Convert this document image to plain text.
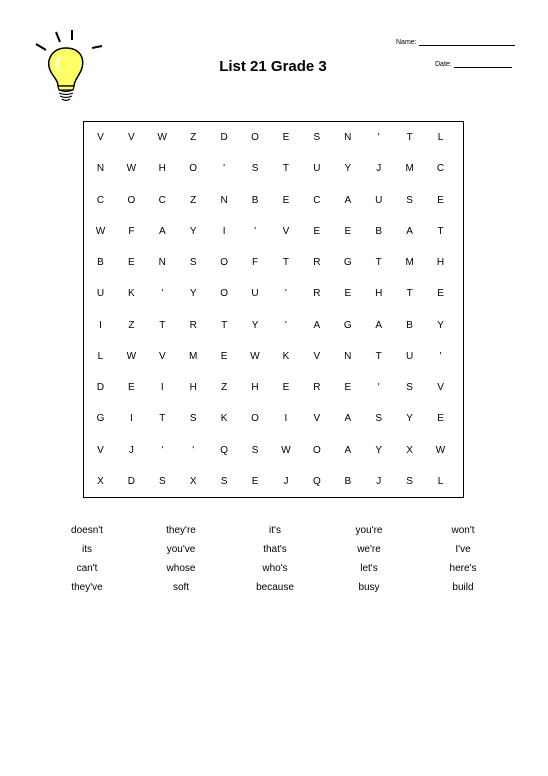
List 21 Grade 3
Name:
Date:
V	V	W	Z	D	O	E	S	N	'	T	L
N	W	H	O	'	S	T	U	Y	J	M	C
C	O	C	Z	N	B	E	C	A	U	S	E
W	F	A	Y	I	'	V	E	E	B	A	T
B	E	N	S	O	F	T	R	G	T	M	H
U	K	'	Y	O	U	'	R	E	H	T	E
I	Z	T	R	T	Y	'	A	G	A	B	Y
L	W	V	M	E	W	K	V	N	T	U	'
D	E	I	H	Z	H	E	R	E	'	S	V
G	I	T	S	K	O	I	V	A	S	Y	E
V	J	'	'	Q	S	W	O	A	Y	X	W
X	D	S	X	S	E	J	Q	B	J	S	L
doesn't	they're	it's	you're	won't
its	you've	that's	we're	I've
can't	whose	who's	let's	here's
they've	soft	because	busy	build
